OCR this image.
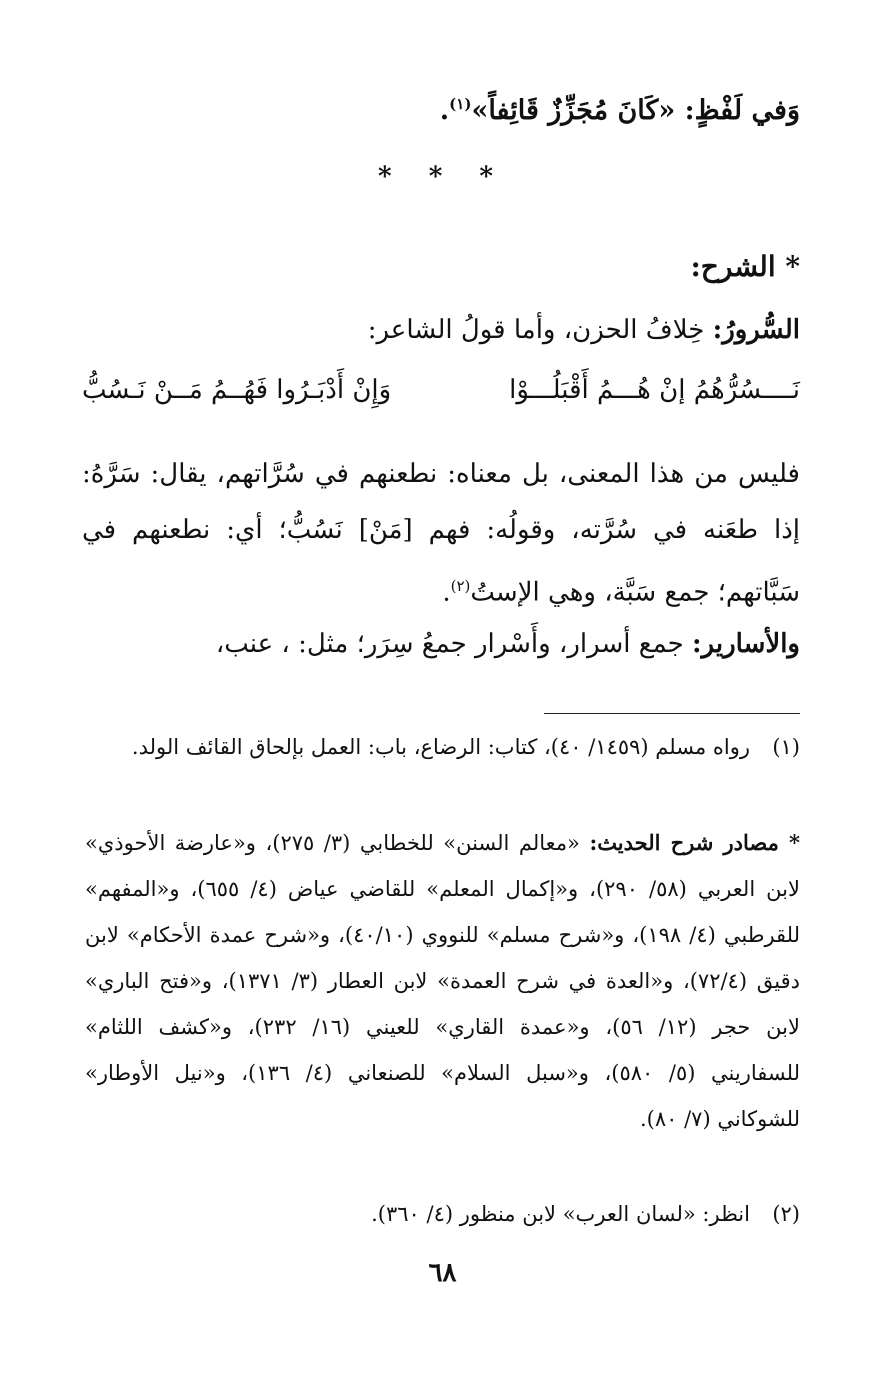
وَفي لَفْظٍ: «كَانَ مُجَزِّزٌ قَائِفاً»$^{(١)}$.
* * *
* الشرح:
السُّرورُ: خِلافُ الحزن، وأما قولُ الشاعر:
نَــــسُرُّهُمُ إنْ هُـــمُ أَقْبَلُـــوْا
وَإِنْ أَدْبَـرُوا فَهُــمُ مَــنْ نَـسُبُّ
فليس من هذا المعنى، بل معناه: نطعنهم في سُرَّاتهم، يقال: سَرَّهُ: إذا طعَنه في سُرَّته، وقولُه: فهم [مَنْ] نَسُبُّ؛ أي: نطعنهم في سَبَّاتهم؛ جمع سَبَّة، وهي الإستُ$^{(٢)}$.
والأسارير: جمع أسرار، وأَسْرار جمعُ سِرَر؛ مثل: ، عنب،
(١)
رواه مسلم (١٤٥٩/ ٤٠)، كتاب: الرضاع، باب: العمل بإلحاق القائف الولد.
* مصادر شرح الحديث: «معالم السنن» للخطابي (٣/ ٢٧٥)، و«عارضة الأحوذي» لابن العربي (٥٨/ ٢٩٠)، و«إكمال المعلم» للقاضي عياض (٤/ ٦٥٥)، و«المفهم» للقرطبي (٤/ ١٩٨)، و«شرح مسلم» للنووي (٤٠/١٠)، و«شرح عمدة الأحكام» لابن دقيق (٧٢/٤)، و«العدة في شرح العمدة» لابن العطار (٣/ ١٣٧١)، و«فتح الباري» لابن حجر (١٢/ ٥٦)، و«عمدة القاري» للعيني (١٦/ ٢٣٢)، و«كشف اللثام» للسفاريني (٥/ ٥٨٠)، و«سبل السلام» للصنعاني (٤/ ١٣٦)، و«نيل الأوطار» للشوكاني (٧/ ٨٠).
(٢)
انظر: «لسان العرب» لابن منظور (٤/ ٣٦٠).
٦٨
